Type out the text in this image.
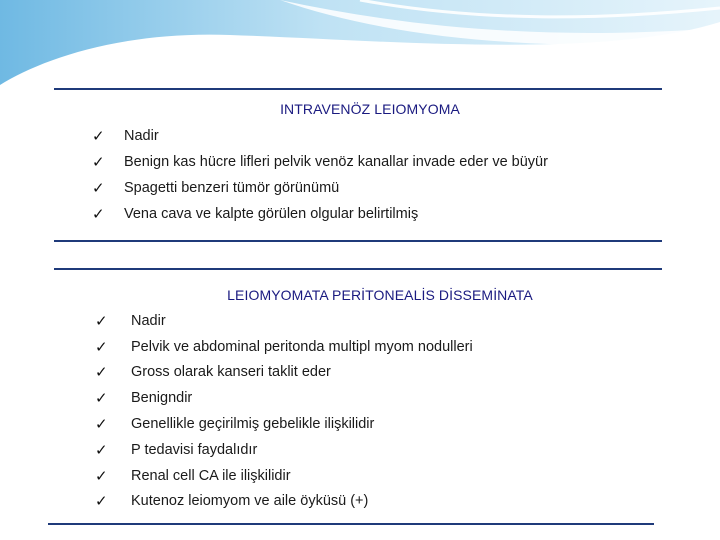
INTRAVENÖZ LEIOMYOMA
✓	Nadir
✓	Benign kas hücre lifleri pelvik venöz kanallar invade eder ve büyür
✓	Spagetti benzeri tümör görünümü
✓	Vena cava ve kalpte görülen olgular belirtilmiş
LEIOMYOMATA PERİTONEALİS DİSSEMİNATA
✓	Nadir
✓	Pelvik ve abdominal peritonda multipl myom nodulleri
✓	Gross olarak kanseri taklit eder
✓	Benigndir
✓	Genellikle geçirilmiş gebelikle ilişkilidir
✓	P tedavisi faydalıdır
✓	Renal cell CA ile ilişkilidir
✓	Kutenoz leiomyom ve aile öyküsü (+)
